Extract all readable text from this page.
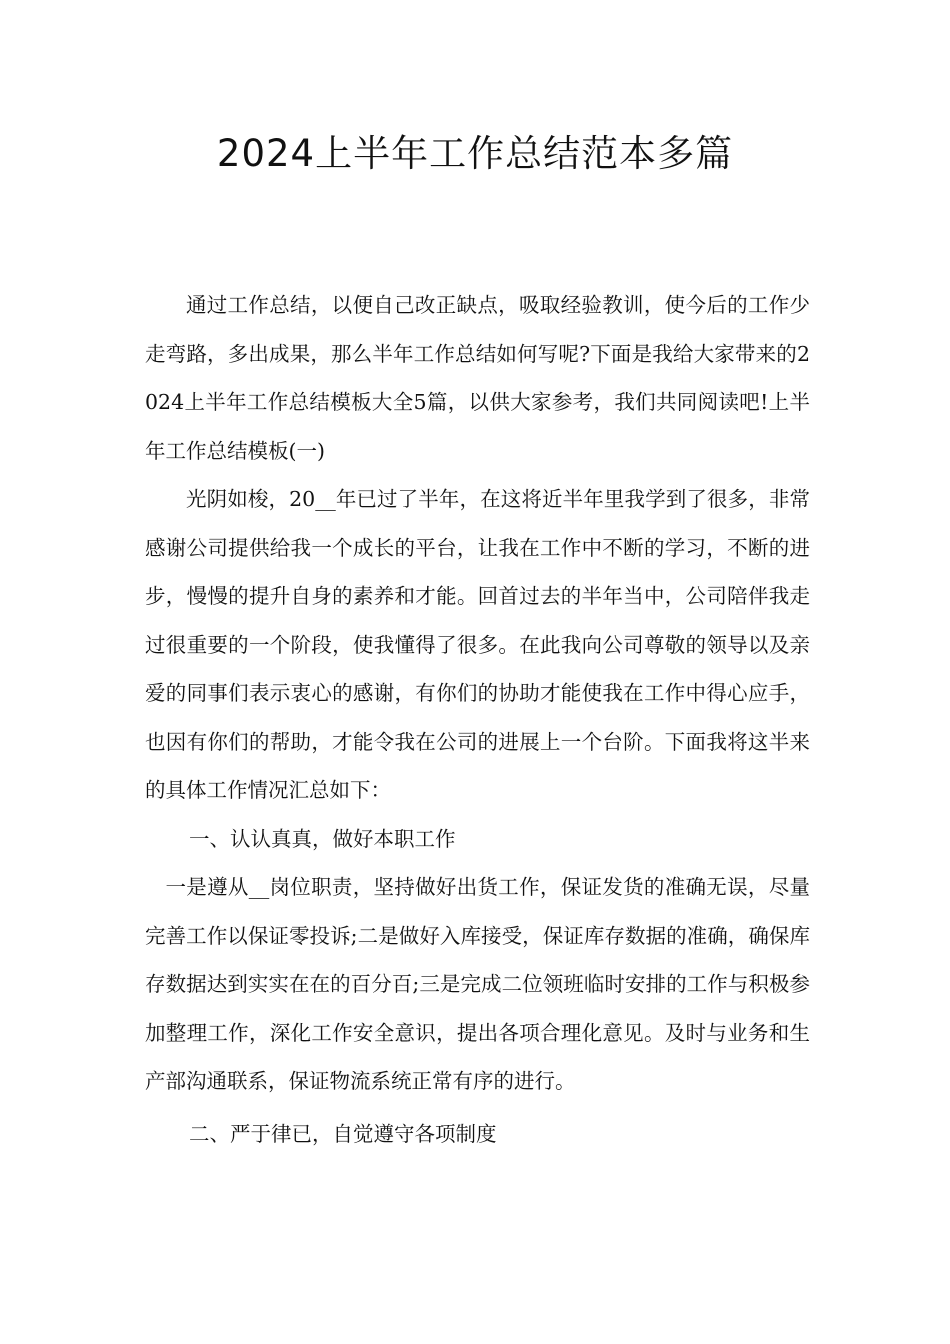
2024上半年工作总结范本多篇

通过工作总结，以便自己改正缺点，吸取经验教训，使今后的工作少走弯路，多出成果，那么半年工作总结如何写呢?下面是我给大家带来的2024上半年工作总结模板大全5篇，以供大家参考，我们共同阅读吧!上半年工作总结模板(一)

光阴如梭，20__年已过了半年，在这将近半年里我学到了很多，非常感谢公司提供给我一个成长的平台，让我在工作中不断的学习，不断的进步，慢慢的提升自身的素养和才能。回首过去的半年当中，公司陪伴我走过很重要的一个阶段，使我懂得了很多。在此我向公司尊敬的领导以及亲爱的同事们表示衷心的感谢，有你们的协助才能使我在工作中得心应手，也因有你们的帮助，才能令我在公司的进展上一个台阶。下面我将这半来的具体工作情况汇总如下：

一、认认真真，做好本职工作

一是遵从__岗位职责，坚持做好出货工作，保证发货的准确无误，尽量完善工作以保证零投诉;二是做好入库接受，保证库存数据的准确，确保库存数据达到实实在在的百分百;三是完成二位领班临时安排的工作与积极参加整理工作，深化工作安全意识，提出各项合理化意见。及时与业务和生产部沟通联系，保证物流系统正常有序的进行。

二、严于律已，自觉遵守各项制度
